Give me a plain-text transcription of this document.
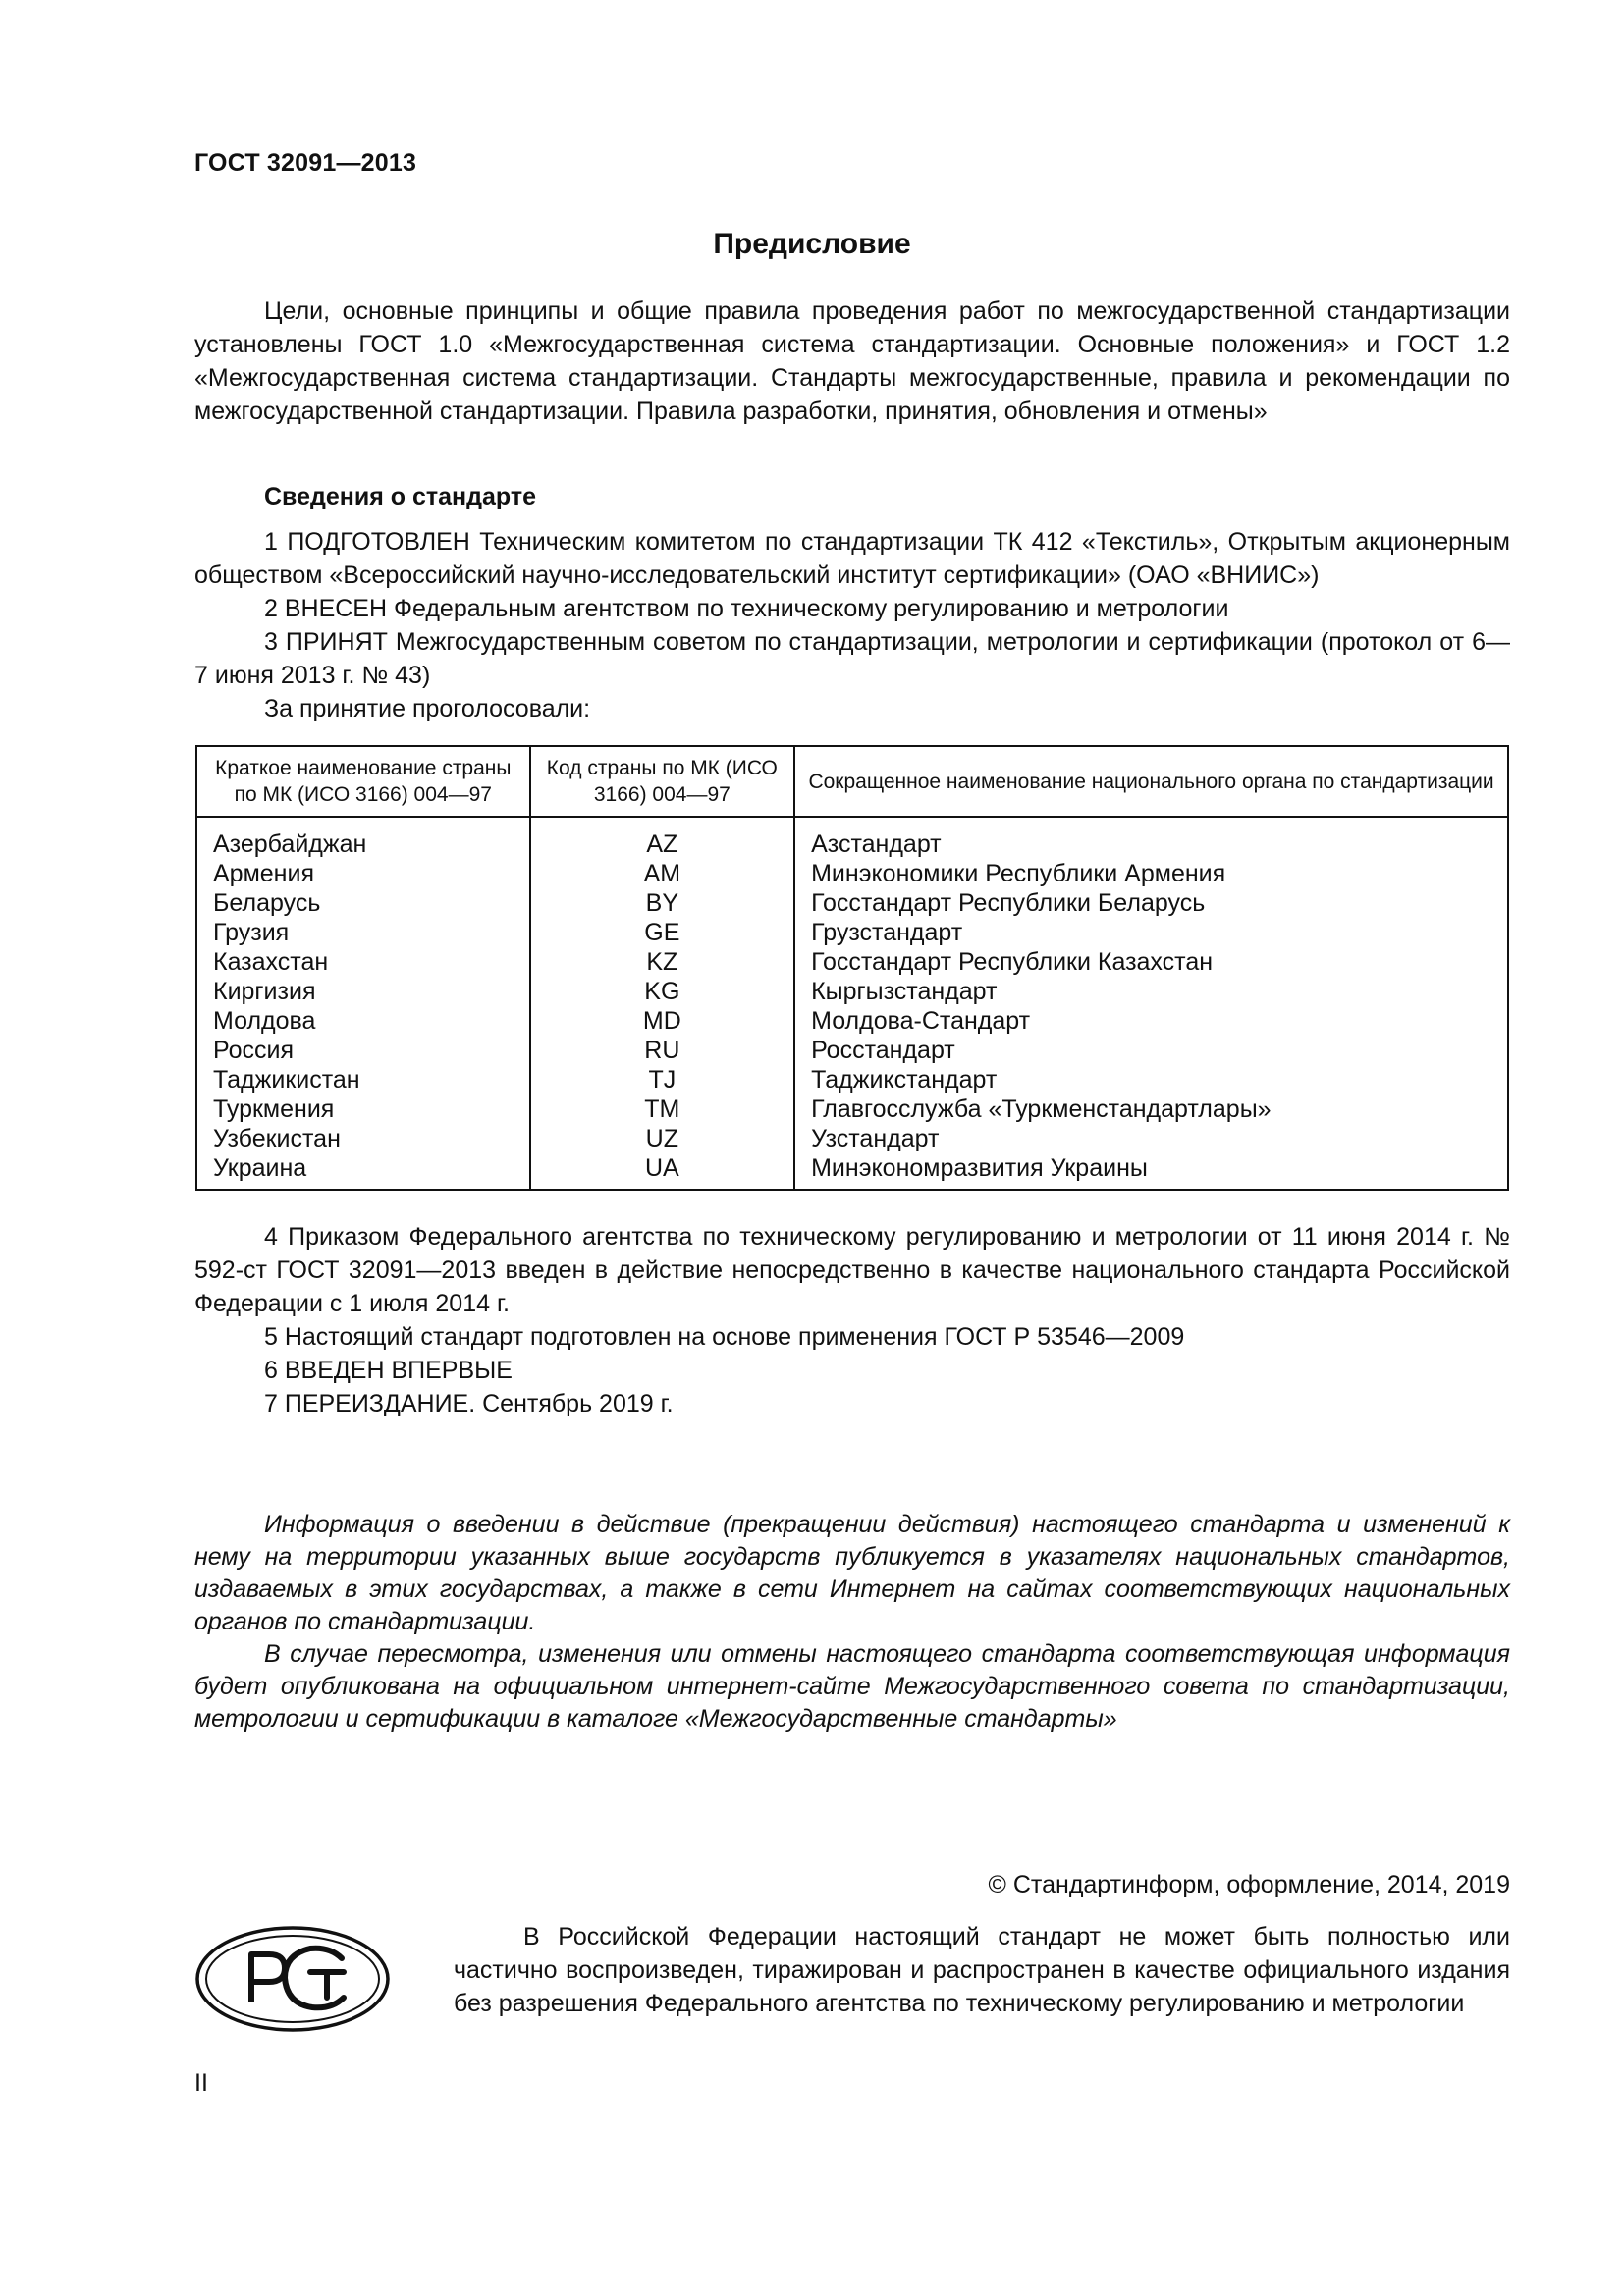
ГОСТ 32091—2013
Предисловие

Цели, основные принципы и общие правила проведения работ по межгосударственной стандартизации установлены ГОСТ 1.0 «Межгосударственная система стандартизации. Основные положения» и ГОСТ 1.2 «Межгосударственная система стандартизации. Стандарты межгосударственные, правила и рекомендации по межгосударственной стандартизации. Правила разработки, принятия, обновления и отмены»

Сведения о стандарте

1 ПОДГОТОВЛЕН Техническим комитетом по стандартизации ТК 412 «Текстиль», Открытым акционерным обществом «Всероссийский научно-исследовательский институт сертификации» (ОАО «ВНИИС»)

2 ВНЕСЕН Федеральным агентством по техническому регулированию и метрологии

3 ПРИНЯТ Межгосударственным советом по стандартизации, метрологии и сертификации (протокол от 6—7 июня 2013 г. № 43)

За принятие проголосовали:

Краткое наименование страны по МК (ИСО 3166) 004—97	Код страны по МК (ИСО 3166) 004—97	Сокращенное наименование национального органа по стандартизации
Азербайджан	AZ	Азстандарт
Армения	AM	Минэкономики Республики Армения
Беларусь	BY	Госстандарт Республики Беларусь
Грузия	GE	Грузстандарт
Казахстан	KZ	Госстандарт Республики Казахстан
Киргизия	KG	Кыргызстандарт
Молдова	MD	Молдова-Стандарт
Россия	RU	Росстандарт
Таджикистан	TJ	Таджикстандарт
Туркмения	TM	Главгосслужба «Туркменстандартлары»
Узбекистан	UZ	Узстандарт
Украина	UA	Минэкономразвития Украины

4 Приказом Федерального агентства по техническому регулированию и метрологии от 11 июня 2014 г. № 592-ст ГОСТ 32091—2013 введен в действие непосредственно в качестве национального стандарта Российской Федерации с 1 июля 2014 г.

5 Настоящий стандарт подготовлен на основе применения ГОСТ Р 53546—2009

6 ВВЕДЕН ВПЕРВЫЕ

7 ПЕРЕИЗДАНИЕ. Сентябрь 2019 г.

Информация о введении в действие (прекращении действия) настоящего стандарта и изменений к нему на территории указанных выше государств публикуется в указателях национальных стандартов, издаваемых в этих государствах, а также в сети Интернет на сайтах соответствующих национальных органов по стандартизации.

В случае пересмотра, изменения или отмены настоящего стандарта соответствующая информация будет опубликована на официальном интернет-сайте Межгосударственного совета по стандартизации, метрологии и сертификации в каталоге «Межгосударственные стандарты»

© Стандартинформ, оформление, 2014, 2019

В Российской Федерации настоящий стандарт не может быть полностью или частично воспроизведен, тиражирован и распространен в качестве официального издания без разрешения Федерального агентства по техническому регулированию и метрологии

II
